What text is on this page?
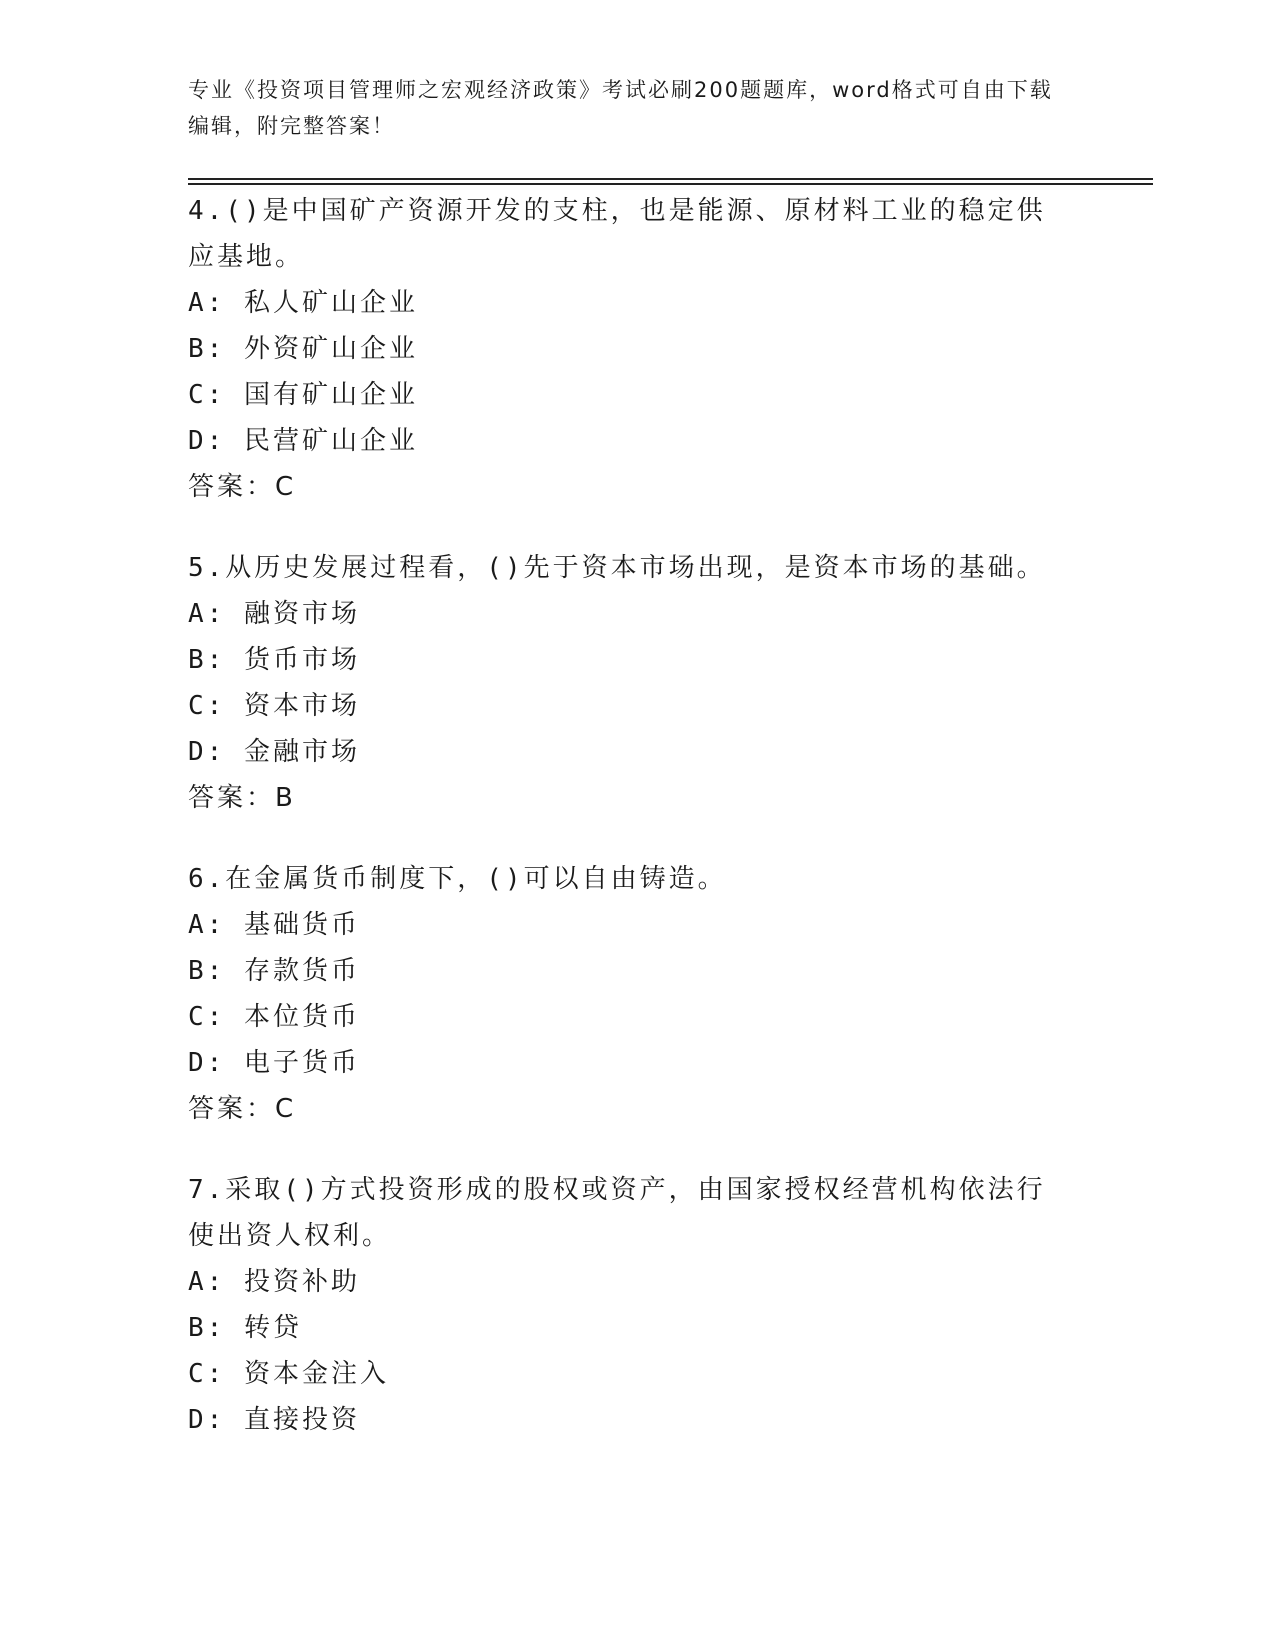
专业《投资项目管理师之宏观经济政策》考试必刷200题题库，word格式可自由下载编辑，附完整答案！
4.()是中国矿产资源开发的支柱，也是能源、原材料工业的稳定供应基地。
A: 私人矿山企业
B: 外资矿山企业
C: 国有矿山企业
D: 民营矿山企业
答案：C
5.从历史发展过程看，()先于资本市场出现，是资本市场的基础。
A: 融资市场
B: 货币市场
C: 资本市场
D: 金融市场
答案：B
6.在金属货币制度下，()可以自由铸造。
A: 基础货币
B: 存款货币
C: 本位货币
D: 电子货币
答案：C
7.采取()方式投资形成的股权或资产，由国家授权经营机构依法行使出资人权利。
A: 投资补助
B: 转贷
C: 资本金注入
D: 直接投资
